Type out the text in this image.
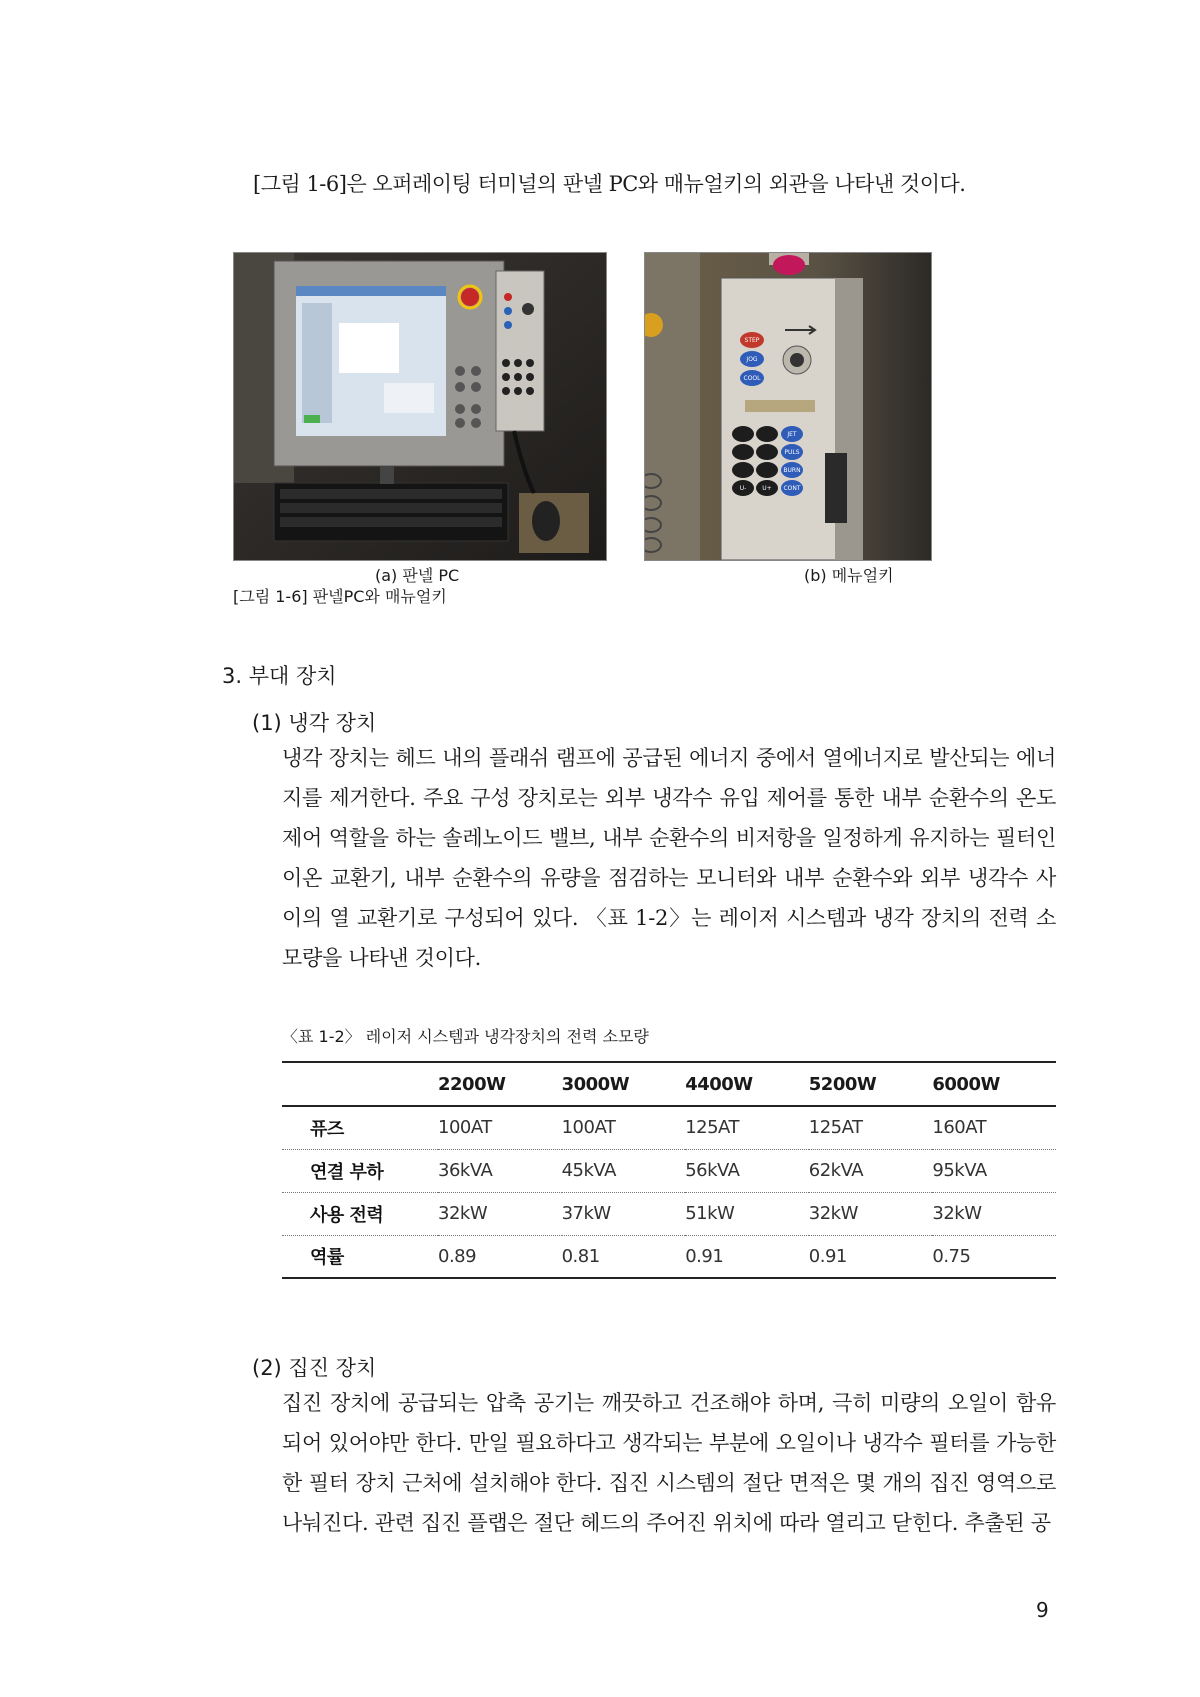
[그림 1-6]은 오퍼레이팅 터미널의 판넬 PC와 매뉴얼키의 외관을 나타낸 것이다.
STEP
JOG
COOL
JET
PULS
BURN
CONT
U-	U+
(a) 판넬 PC	(b) 메뉴얼키
[그림 1-6] 판넬PC와 매뉴얼키
3. 부대 장치
(1) 냉각 장치
냉각 장치는 헤드 내의 플래쉬 램프에 공급된 에너지 중에서 열에너지로 발산되는 에너지를 제거한다. 주요 구성 장치로는 외부 냉각수 유입 제어를 통한 내부 순환수의 온도 제어 역할을 하는 솔레노이드 밸브, 내부 순환수의 비저항을 일정하게 유지하는 필터인 이온 교환기, 내부 순환수의 유량을 점검하는 모니터와 내부 순환수와 외부 냉각수 사이의 열 교환기로 구성되어 있다. 〈표 1-2〉는 레이저 시스템과 냉각 장치의 전력 소모량을 나타낸 것이다.
〈표 1-2〉 레이저 시스템과 냉각장치의 전력 소모량
	2200W	3000W	4400W	5200W	6000W
퓨즈	100AT	100AT	125AT	125AT	160AT
연결 부하	36kVA	45kVA	56kVA	62kVA	95kVA
사용 전력	32kW	37kW	51kW	32kW	32kW
역률	0.89	0.81	0.91	0.91	0.75
(2) 집진 장치
집진 장치에 공급되는 압축 공기는 깨끗하고 건조해야 하며, 극히 미량의 오일이 함유되어 있어야만 한다. 만일 필요하다고 생각되는 부분에 오일이나 냉각수 필터를 가능한 한 필터 장치 근처에 설치해야 한다. 집진 시스템의 절단 면적은 몇 개의 집진 영역으로 나눠진다. 관련 집진 플랩은 절단 헤드의 주어진 위치에 따라 열리고 닫힌다. 추출된 공
9
